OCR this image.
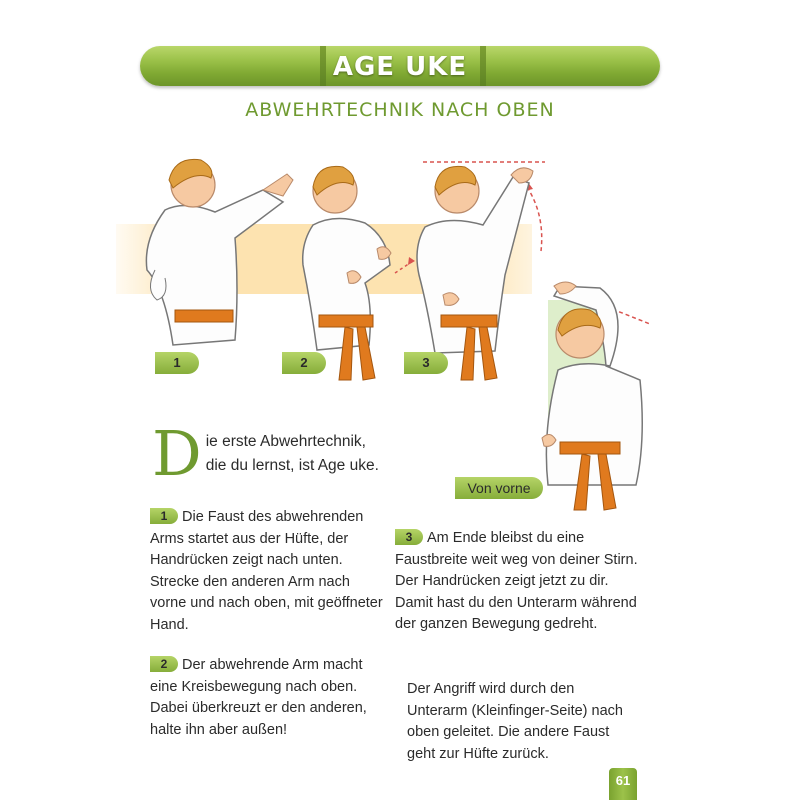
AGE UKE
ABWEHRTECHNIK NACH OBEN
1	2	3
Von vorne
D ie erste Abwehrtechnik,
die du lernst, ist Age uke.
1 Die Faust des abwehrenden Arms startet aus der Hüfte, der Handrücken zeigt nach unten. Strecke den anderen Arm nach vorne und nach oben, mit geöffneter Hand.
2 Der abwehrende Arm macht eine Kreisbewegung nach oben. Dabei überkreuzt er den anderen, halte ihn aber außen!
3 Am Ende bleibst du eine Faustbreite weit weg von deiner Stirn. Der Handrücken zeigt jetzt zu dir. Damit hast du den Unterarm während der ganzen Bewegung gedreht.
Der Angriff wird durch den Unterarm (Kleinfinger-Seite) nach oben geleitet. Die andere Faust geht zur Hüfte zurück.
61
